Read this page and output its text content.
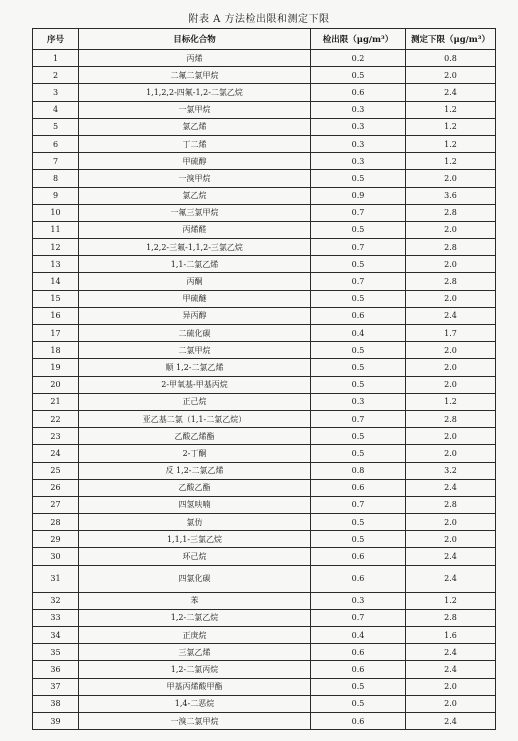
附表 A 方法检出限和测定下限
序号	目标化合物	检出限（μg/m³）	测定下限（μg/m³）
1	丙烯	0.2	0.8
2	二氟二氯甲烷	0.5	2.0
3	1,1,2,2-四氟-1,2-二氯乙烷	0.6	2.4
4	一氯甲烷	0.3	1.2
5	氯乙烯	0.3	1.2
6	丁二烯	0.3	1.2
7	甲硫醇	0.3	1.2
8	一溴甲烷	0.5	2.0
9	氯乙烷	0.9	3.6
10	一氟三氯甲烷	0.7	2.8
11	丙烯醛	0.5	2.0
12	1,2,2-三氟-1,1,2-三氯乙烷	0.7	2.8
13	1,1-二氯乙烯	0.5	2.0
14	丙酮	0.7	2.8
15	甲硫醚	0.5	2.0
16	异丙醇	0.6	2.4
17	二硫化碳	0.4	1.7
18	二氯甲烷	0.5	2.0
19	顺 1,2-二氯乙烯	0.5	2.0
20	2-甲氧基-甲基丙烷	0.5	2.0
21	正己烷	0.3	1.2
22	亚乙基二氯（1,1-二氯乙烷）	0.7	2.8
23	乙酸乙烯酯	0.5	2.0
24	2-丁酮	0.5	2.0
25	反 1,2-二氯乙烯	0.8	3.2
26	乙酸乙酯	0.6	2.4
27	四氢呋喃	0.7	2.8
28	氯仿	0.5	2.0
29	1,1,1-三氯乙烷	0.5	2.0
30	环己烷	0.6	2.4
31	四氯化碳	0.6	2.4
32	苯	0.3	1.2
33	1,2-二氯乙烷	0.7	2.8
34	正庚烷	0.4	1.6
35	三氯乙烯	0.6	2.4
36	1,2-二氯丙烷	0.6	2.4
37	甲基丙烯酸甲酯	0.5	2.0
38	1,4-二恶烷	0.5	2.0
39	一溴二氯甲烷	0.6	2.4
